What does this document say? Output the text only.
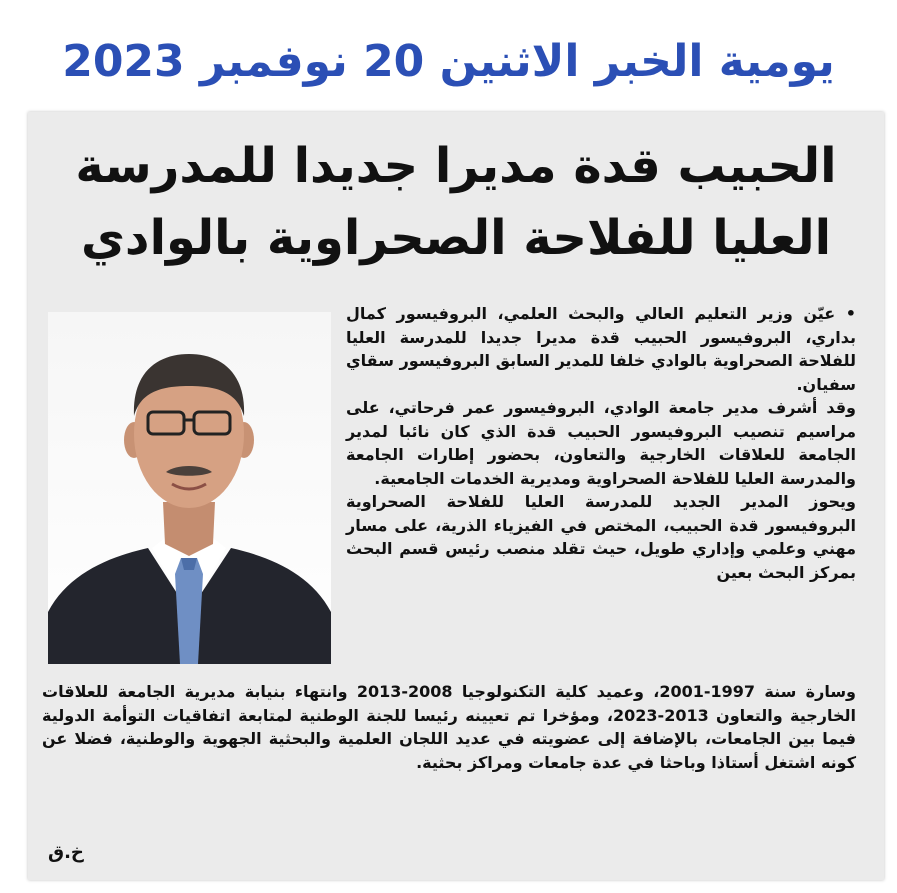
يومية الخبر الاثنين 20 نوفمبر 2023
الحبيب قدة مديرا جديدا للمدرسة العليا للفلاحة الصحراوية بالوادي

• عيّن وزير التعليم العالي والبحث العلمي، البروفيسور كمال بداري، البروفيسور الحبيب قدة مديرا جديدا للمدرسة العليا للفلاحة الصحراوية بالوادي خلفا للمدير السابق البروفيسور سقاي سفيان.

وقد أشرف مدير جامعة الوادي، البروفيسور عمر فرحاتي، على مراسيم تنصيب البروفيسور الحبيب قدة الذي كان نائبا لمدير الجامعة للعلاقات الخارجية والتعاون، بحضور إطارات الجامعة والمدرسة العليا للفلاحة الصحراوية ومديرية الخدمات الجامعية.

ويحوز المدير الجديد للمدرسة العليا للفلاحة الصحراوية البروفيسور قدة الحبيب، المختص في الفيزياء الذرية، على مسار مهني وعلمي وإداري طويل، حيث تقلد منصب رئيس قسم البحث بمركز البحث بعين

وسارة سنة 1997-2001، وعميد كلية التكنولوجيا 2008-2013 وانتهاء بنيابة مديرية الجامعة للعلاقات الخارجية والتعاون 2013-2023، ومؤخرا تم تعيينه رئيسا للجنة الوطنية لمتابعة اتفاقيات التوأمة الدولية فيما بين الجامعات، بالإضافة إلى عضويته في عديد اللجان العلمية والبحثية الجهوية والوطنية، فضلا عن كونه اشتغل أستاذا وباحثا في عدة جامعات ومراكز بحثية.

خ.ق
